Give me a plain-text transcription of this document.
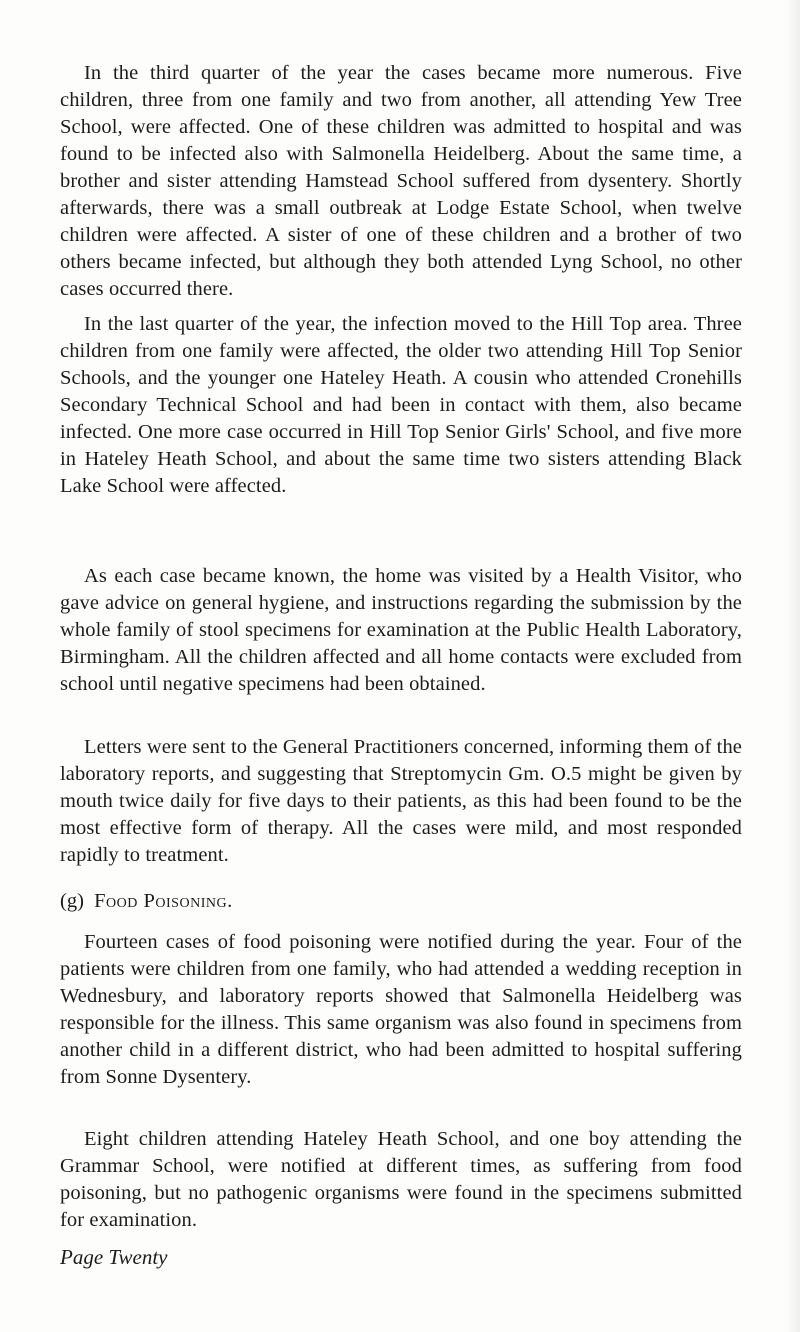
In the third quarter of the year the cases became more numerous. Five children, three from one family and two from another, all attending Yew Tree School, were affected. One of these children was admitted to hospital and was found to be infected also with Salmonella Heidelberg. About the same time, a brother and sister attending Hamstead School suffered from dysentery. Shortly afterwards, there was a small outbreak at Lodge Estate School, when twelve children were affected. A sister of one of these children and a brother of two others became infected, but although they both attended Lyng School, no other cases occurred there.

In the last quarter of the year, the infection moved to the Hill Top area. Three children from one family were affected, the older two attending Hill Top Senior Schools, and the younger one Hateley Heath. A cousin who attended Cronehills Secondary Technical School and had been in contact with them, also became infected. One more case occurred in Hill Top Senior Girls' School, and five more in Hateley Heath School, and about the same time two sisters attending Black Lake School were affected.

As each case became known, the home was visited by a Health Visitor, who gave advice on general hygiene, and instructions regarding the submission by the whole family of stool specimens for examination at the Public Health Laboratory, Birmingham. All the children affected and all home contacts were excluded from school until negative specimens had been obtained.

Letters were sent to the General Practitioners concerned, informing them of the laboratory reports, and suggesting that Streptomycin Gm. O.5 might be given by mouth twice daily for five days to their patients, as this had been found to be the most effective form of therapy. All the cases were mild, and most responded rapidly to treatment.

(g) Food Poisoning.

Fourteen cases of food poisoning were notified during the year. Four of the patients were children from one family, who had attended a wedding reception in Wednesbury, and laboratory reports showed that Salmonella Heidelberg was responsible for the illness. This same organism was also found in specimens from another child in a different district, who had been admitted to hospital suffering from Sonne Dysentery.

Eight children attending Hateley Heath School, and one boy attending the Grammar School, were notified at different times, as suffering from food poisoning, but no pathogenic organisms were found in the specimens submitted for examination.

Page Twenty
